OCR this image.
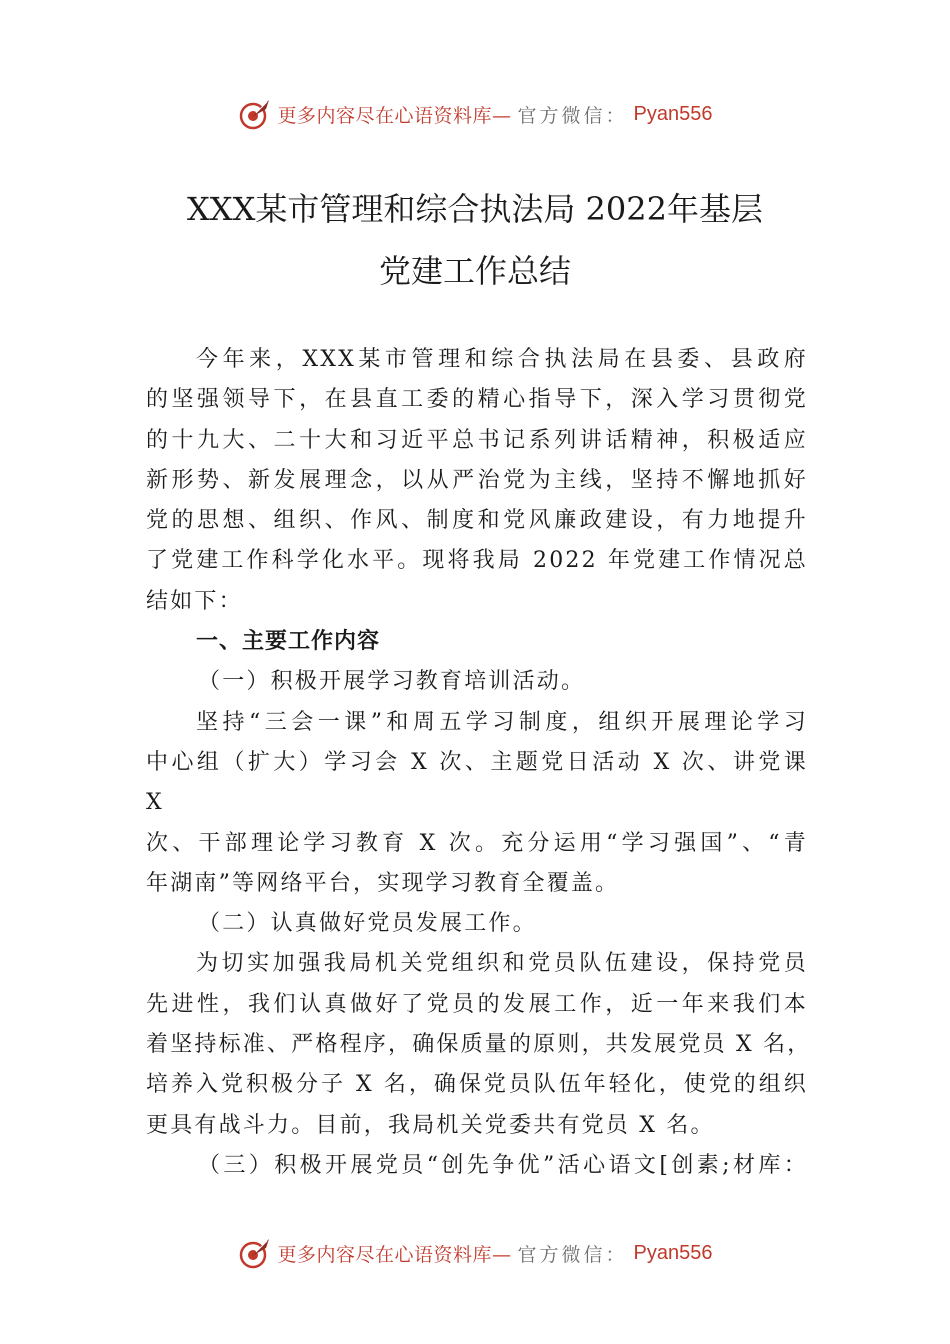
更多内容尽在心语资料库— 官方微信： Pyan556
XXX某市管理和综合执法局 2022年基层
党建工作总结
今年来，XXX某市管理和综合执法局在县委、县政府
的坚强领导下，在县直工委的精心指导下，深入学习贯彻党
的十九大、二十大和习近平总书记系列讲话精神，积极适应
新形势、新发展理念，以从严治党为主线，坚持不懈地抓好
党的思想、组织、作风、制度和党风廉政建设，有力地提升
了党建工作科学化水平。现将我局 2022 年党建工作情况总
结如下：
一、主要工作内容
（一）积极开展学习教育培训活动。
坚持“三会一课”和周五学习制度，组织开展理论学习
中心组（扩大）学习会 X 次、主题党日活动 X 次、讲党课
X
次、干部理论学习教育 X 次。充分运用“学习强国”、“青
年湖南”等网络平台，实现学习教育全覆盖。
（二）认真做好党员发展工作。
为切实加强我局机关党组织和党员队伍建设，保持党员
先进性，我们认真做好了党员的发展工作，近一年来我们本
着坚持标准、严格程序，确保质量的原则，共发展党员 X 名，
培养入党积极分子 X 名，确保党员队伍年轻化，使党的组织
更具有战斗力。目前，我局机关党委共有党员 X 名。
（三）积极开展党员“创先争优”活心语文[创素;材库：
更多内容尽在心语资料库— 官方微信： Pyan556
